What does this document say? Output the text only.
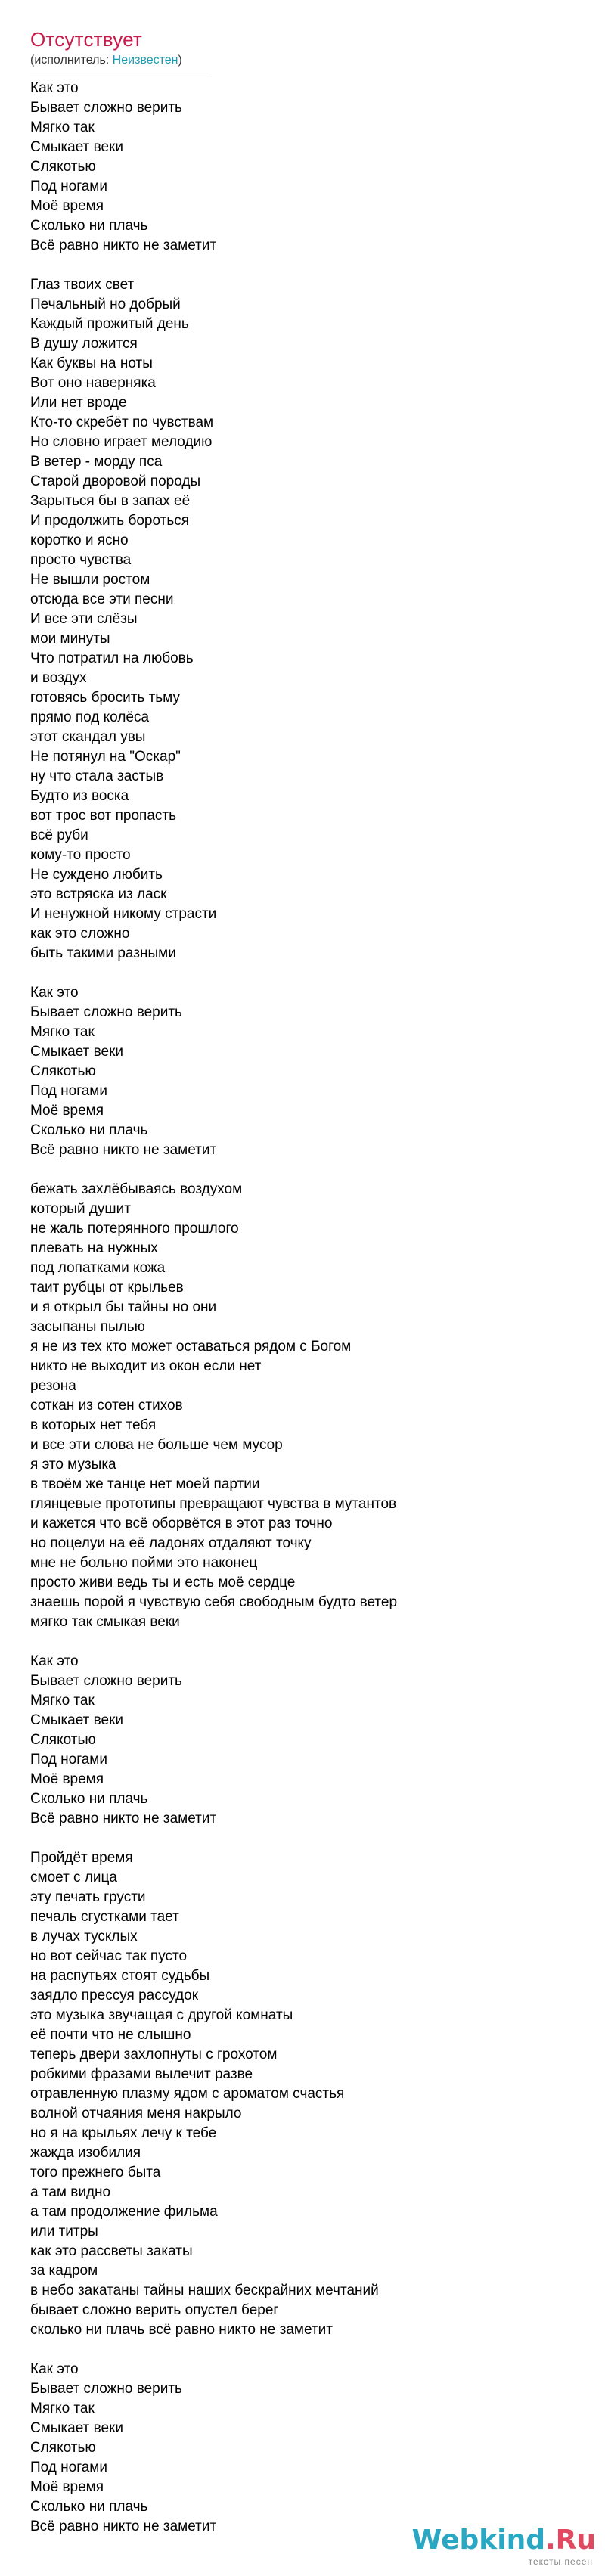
Отсутствует
(исполнитель: Неизвестен)
Как это
Бывает сложно верить
Мягко так
Смыкает веки
Слякотью
Под ногами
Моё время
Сколько ни плачь
Всё равно никто не заметит
Глаз твоих свет
Печальный но добрый
Каждый прожитый день
В душу ложится
Как буквы на ноты
Вот оно наверняка
Или нет вроде
Кто-то скребёт по чувствам
Но словно играет мелодию
В ветер - морду пса
Старой дворовой породы
Зарыться бы в запах её
И продолжить бороться
коротко и ясно
просто чувства
Не вышли ростом
отсюда все эти песни
И все эти слёзы
мои минуты
Что потратил на любовь
и воздух
готовясь бросить тьму
прямо под колёса
этот скандал увы
Не потянул на "Оскар"
ну что стала застыв
Будто из воска
вот трос вот пропасть
всё руби
кому-то просто
Не суждено любить
это встряска из ласк
И ненужной никому страсти
как это сложно
быть такими разными
Как это
Бывает сложно верить
Мягко так
Смыкает веки
Слякотью
Под ногами
Моё время
Сколько ни плачь
Всё равно никто не заметит
бежать захлёбываясь воздухом
который душит
не жаль потерянного прошлого
плевать на нужных
под лопатками кожа
таит рубцы от крыльев
и я открыл бы тайны но они
засыпаны пылью
я не из тех кто может оставаться рядом с Богом
никто не выходит из окон если нет
резона
соткан из сотен стихов
в которых нет тебя
и все эти слова не больше чем мусор
я это музыка
в твоём же танце нет моей партии
глянцевые прототипы превращают чувства в мутантов
и кажется что всё оборвётся в этот раз точно
но поцелуи на её ладонях отдаляют точку
мне не больно пойми это наконец
просто живи ведь ты и есть моё сердце
знаешь порой я чувствую себя свободным будто ветер
мягко так смыкая веки
Как это
Бывает сложно верить
Мягко так
Смыкает веки
Слякотью
Под ногами
Моё время
Сколько ни плачь
Всё равно никто не заметит
Пройдёт время
смоет с лица
эту печать грусти
печаль сгустками тает
в лучах тусклых
но вот сейчас так пусто
на распутьях стоят судьбы
заядло прессуя рассудок
это музыка звучащая с другой комнаты
её почти что не слышно
теперь двери захлопнуты с грохотом
робкими фразами вылечит разве
отравленную плазму ядом с ароматом счастья
волной отчаяния меня накрыло
но я на крыльях лечу к тебе
жажда изобилия
того прежнего быта
а там видно
а там продолжение фильма
или титры
как это рассветы закаты
за кадром
в небо закатаны тайны наших бескрайних мечтаний
бывает сложно верить опустел берег
сколько ни плачь всё равно никто не заметит
Как это
Бывает сложно верить
Мягко так
Смыкает веки
Слякотью
Под ногами
Моё время
Сколько ни плачь
Всё равно никто не заметит	Webkind.Ru
тексты песен
